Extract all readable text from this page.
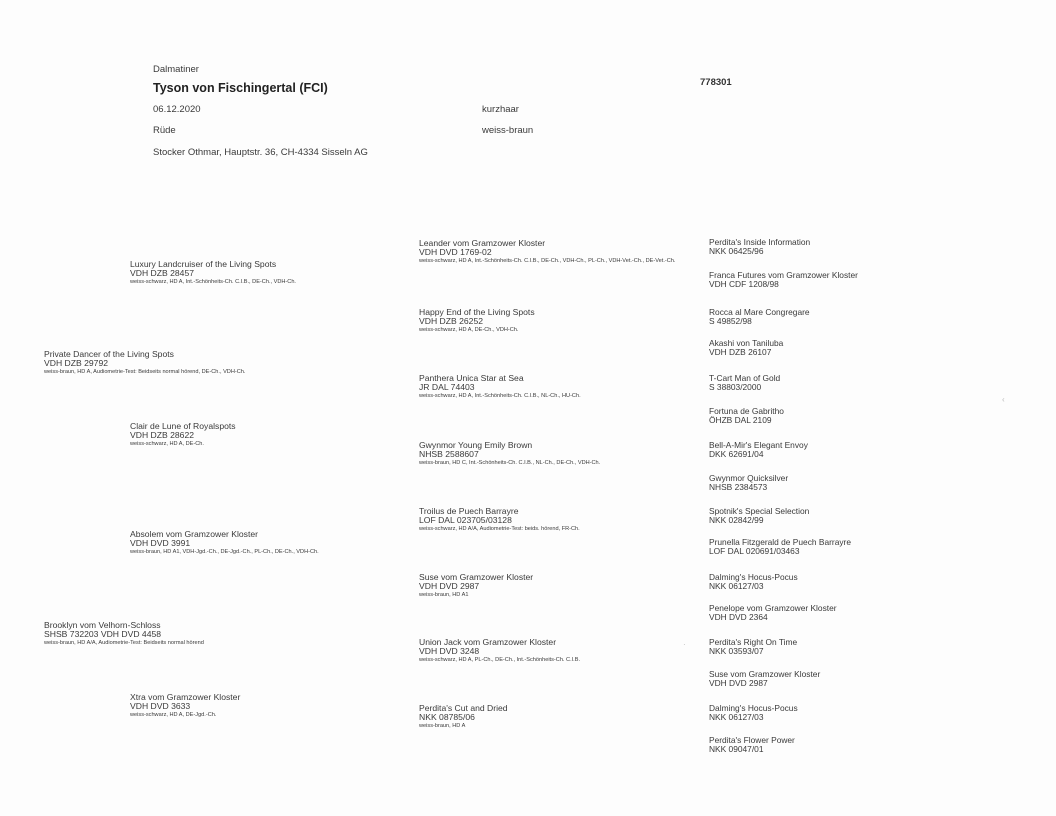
Dalmatiner
Tyson von Fischingertal (FCI)	778301
06.12.2020	kurzhaar
Rüde	weiss-braun
Stocker Othmar, Hauptstr. 36, CH-4334 Sisseln AG
Private Dancer of the Living Spots
VDH DZB 29792
weiss-braun, HD A, Audiometrie-Test: Beidseits normal hörend, DE-Ch., VDH-Ch.
Brooklyn vom Velhorn-Schloss
SHSB 732203 VDH DVD 4458
weiss-braun, HD A/A, Audiometrie-Test: Beidseits normal hörend
Luxury Landcruiser of the Living Spots
VDH DZB 28457
weiss-schwarz, HD A, Int.-Schönheits-Ch. C.I.B., DE-Ch., VDH-Ch.
Clair de Lune of Royalspots
VDH DZB 28622
weiss-schwarz, HD A, DE-Ch.
Absolem vom Gramzower Kloster
VDH DVD 3991
weiss-braun, HD A1, VDH-Jgd.-Ch., DE-Jgd.-Ch., PL-Ch., DE-Ch., VDH-Ch.
Xtra vom Gramzower Kloster
VDH DVD 3633
weiss-schwarz, HD A, DE-Jgd.-Ch.
Leander vom Gramzower Kloster
VDH DVD 1769-02
weiss-schwarz, HD A, Int.-Schönheits-Ch. C.I.B., DE-Ch., VDH-Ch., PL-Ch., VDH-Vet.-Ch., DE-Vet.-Ch.
Happy End of the Living Spots
VDH DZB 26252
weiss-schwarz, HD A, DE-Ch., VDH-Ch.
Panthera Unica Star at Sea
JR DAL 74403
weiss-schwarz, HD A, Int.-Schönheits-Ch. C.I.B., NL-Ch., HU-Ch.
Gwynmor Young Emily Brown
NHSB 2588607
weiss-braun, HD C, Int.-Schönheits-Ch. C.I.B., NL-Ch., DE-Ch., VDH-Ch.
Troilus de Puech Barrayre
LOF DAL 023705/03128
weiss-schwarz, HD A/A, Audiometrie-Test: beids. hörend, FR-Ch.
Suse vom Gramzower Kloster
VDH DVD 2987
weiss-braun, HD A1
Union Jack vom Gramzower Kloster
VDH DVD 3248
weiss-schwarz, HD A, PL-Ch., DE-Ch., Int.-Schönheits-Ch. C.I.B.
Perdita's Cut and Dried
NKK 08785/06
weiss-braun, HD A
Perdita's Inside Information
NKK 06425/96
Franca Futures vom Gramzower Kloster
VDH CDF 1208/98
Rocca al Mare Congregare
S 49852/98
Akashi von Taniluba
VDH DZB 26107
T-Cart Man of Gold
S 38803/2000
Fortuna de Gabritho
ÖHZB DAL 2109
Bell-A-Mir's Elegant Envoy
DKK 62691/04
Gwynmor Quicksilver
NHSB 2384573
Spotnik's Special Selection
NKK 02842/99
Prunella Fitzgerald de Puech Barrayre
LOF DAL 020691/03463
Dalming's Hocus-Pocus
NKK 06127/03
Penelope vom Gramzower Kloster
VDH DVD 2364
Perdita's Right On Time
NKK 03593/07
Suse vom Gramzower Kloster
VDH DVD 2987
Dalming's Hocus-Pocus
NKK 06127/03
Perdita's Flower Power
NKK 09047/01
‹
·
